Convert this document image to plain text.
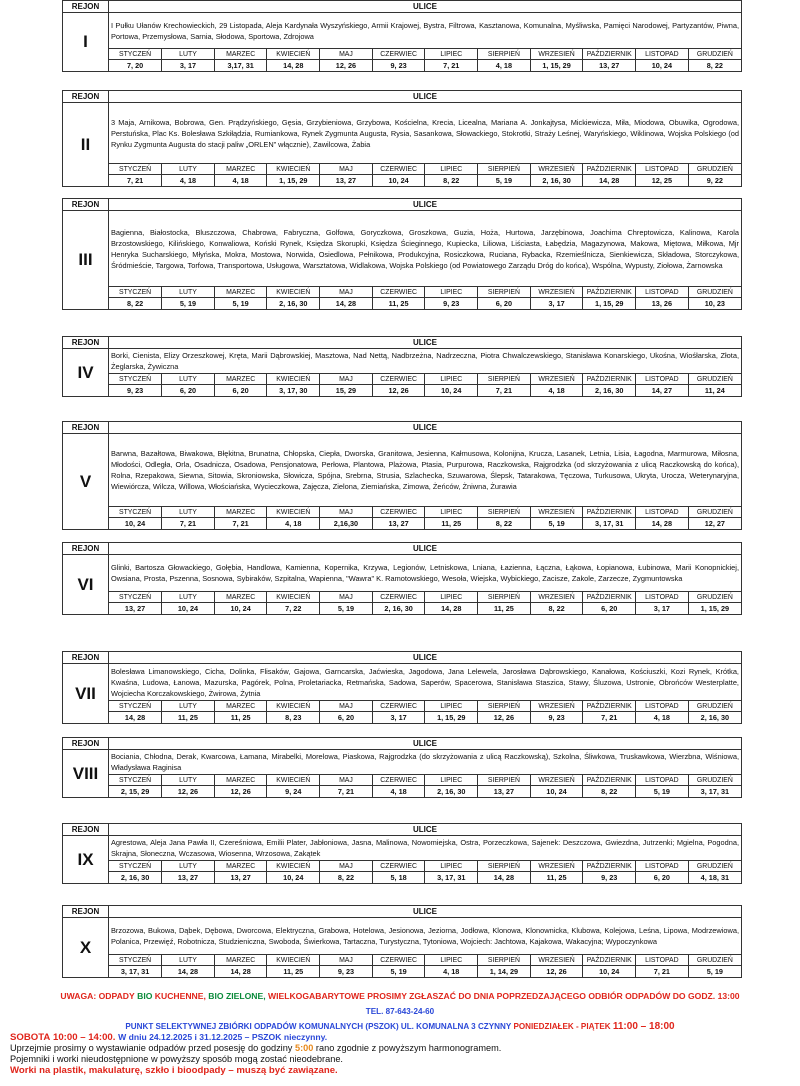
REJON	ULICE
I	I Pułku Ułanów Krechowieckich, 29 Listopada, Aleja Kardynała Wyszyńskiego, Armii Krajowej, Bystra, Filtrowa, Kasztanowa, Komunalna, Myśliwska, Pamięci Narodowej, Partyzantów, Piwna, Portowa, Przemysłowa, Sarnia, Słodowa, Sportowa, Zdrojowa

STYCZEŃ	LUTY	MARZEC	KWIECIEŃ	MAJ	CZERWIEC	LIPIEC	SIERPIEŃ	WRZESIEŃ	PAŹDZIERNIK	LISTOPAD	GRUDZIEŃ
7, 20	3, 17	3,17, 31	14, 28	12, 26	9, 23	7, 21	4, 18	1, 15, 29	13, 27	10, 24	8, 22
REJON	ULICE
II	3 Maja, Arnikowa, Bobrowa, Gen. Prądzyńskiego, Gęsia, Grzybieniowa, Grzybowa, Kościelna, Krecia, Licealna, Mariana A. Jonkajtysa, Mickiewicza, Miła, Miodowa, Obuwika, Ogrodowa, Perstuńska, Plac Ks. Bolesława Szkiłądzia, Rumiankowa, Rynek Zygmunta Augusta, Rysia, Sasankowa, Słowackiego, Stokrotki, Straży Leśnej, Waryńskiego, Wiklinowa, Wojska Polskiego (od Rynku Zygmunta Augusta do stacji paliw „ORLEN” włącznie), Zawilcowa, Żabia

STYCZEŃ	LUTY	MARZEC	KWIECIEŃ	MAJ	CZERWIEC	LIPIEC	SIERPIEŃ	WRZESIEŃ	PAŹDZIERNIK	LISTOPAD	GRUDZIEŃ
7, 21	4, 18	4, 18	1, 15, 29	13, 27	10, 24	8, 22	5, 19	2, 16, 30	14, 28	12, 25	9, 22
REJON	ULICE
III	Bagienna, Białostocka, Bluszczowa, Chabrowa, Fabryczna, Golfowa, Goryczkowa, Groszkowa, Guzia, Hoża, Hurtowa, Jarzębinowa, Joachima Chreptowicza, Kalinowa, Karola Brzostowskiego, Kilińskiego, Konwaliowa, Koński Rynek, Księdza Skorupki, Księdza Ścieginnego, Kupiecka, Liliowa, Liściasta, Łabędzia, Magazynowa, Makowa, Miętowa, Miłkowa, Mjr Henryka Sucharskiego, Młyńska, Mokra, Mostowa, Norwida, Osiedlowa, Pełnikowa, Produkcyjna, Rosiczkowa, Ruciana, Rybacka, Rzemieślnicza, Sienkiewicza, Składowa, Storczykowa, Śródmieście, Targowa, Torfowa, Transportowa, Usługowa, Warsztatowa, Widlakowa, Wojska Polskiego (od Powiatowego Zarządu Dróg do końca), Wspólna, Wypusty, Ziołowa, Żarnowska

STYCZEŃ	LUTY	MARZEC	KWIECIEŃ	MAJ	CZERWIEC	LIPIEC	SIERPIEŃ	WRZESIEŃ	PAŹDZIERNIK	LISTOPAD	GRUDZIEŃ
8, 22	5, 19	5, 19	2, 16, 30	14, 28	11, 25	9, 23	6, 20	3, 17	1, 15, 29	13, 26	10, 23
REJON	ULICE
IV	Borki, Cienista, Elizy Orzeszkowej, Kręta, Marii Dąbrowskiej, Masztowa, Nad Nettą, Nadbrzeżna, Nadrzeczna, Piotra Chwalczewskiego, Stanisława Konarskiego, Ukośna, Wiośłarska, Złota, Żeglarska, Żywiczna

STYCZEŃ	LUTY	MARZEC	KWIECIEŃ	MAJ	CZERWIEC	LIPIEC	SIERPIEŃ	WRZESIEŃ	PAŹDZIERNIK	LISTOPAD	GRUDZIEŃ
9, 23	6, 20	6, 20	3, 17, 30	15, 29	12, 26	10, 24	7, 21	4, 18	2, 16, 30	14, 27	11, 24
REJON	ULICE
V	Barwna, Bazałtowa, Biwakowa, Błękitna, Brunatna, Chłopska, Ciepła, Dworska, Granitowa, Jesienna, Kałmusowa, Kolonijna, Krucza, Lasanek, Letnia, Lisia, Łagodna, Marmurowa, Miłosna, Młodości, Odległa, Orla, Osadnicza, Osadowa, Pensjonatowa, Perłowa, Plantowa, Plażowa, Ptasia, Purpurowa, Raczkowska, Rajgrodzka (od skrzyżowania z ulicą Raczkowską do końca), Rolna, Rzepakowa, Siewna, Sitowia, Skroniowska, Słowicza, Spójna, Srebrna, Strusia, Szlachecka, Szuwarowa, Ślepsk, Tatarakowa, Tęczowa, Turkusowa, Ukryta, Urocza, Weterynaryjna, Wiewiórcza, Wilcza, Willowa, Włościańska, Wycieczkowa, Zajęcza, Zielona, Ziemiańska, Zimowa, Żeńców, Żniwna, Żurawia

STYCZEŃ	LUTY	MARZEC	KWIECIEŃ	MAJ	CZERWIEC	LIPIEC	SIERPIEŃ	WRZESIEŃ	PAŹDZIERNIK	LISTOPAD	GRUDZIEŃ
10, 24	7, 21	7, 21	4, 18	2,16,30	13, 27	11, 25	8, 22	5, 19	3, 17, 31	14, 28	12, 27
REJON	ULICE
VI	Glinki, Bartosza Głowackiego, Gołębia, Handlowa, Kamienna, Kopernika, Krzywa, Legionów, Letniskowa, Lniana, Łazienna, Łączna, Łąkowa, Łopianowa, Łubinowa, Marii Konopnickiej, Owsiana, Prosta, Pszenna, Sosnowa, Sybiraków, Szpitalna, Wapienna, "Wawra" K. Ramotowskiego, Wesoła, Wiejska, Wybickiego, Zacisze, Zakole, Zarzecze, Zygmuntowska

STYCZEŃ	LUTY	MARZEC	KWIECIEŃ	MAJ	CZERWIEC	LIPIEC	SIERPIEŃ	WRZESIEŃ	PAŹDZIERNIK	LISTOPAD	GRUDZIEŃ
13, 27	10, 24	10, 24	7, 22	5, 19	2, 16, 30	14, 28	11, 25	8, 22	6, 20	3, 17	1, 15, 29
REJON	ULICE
VII	Bolesława Limanowskiego, Cicha, Dolinka, Flisaków, Gajowa, Garncarska, Jaćwieska, Jagodowa, Jana Lelewela, Jarosława Dąbrowskiego, Kanałowa, Kościuszki, Kozi Rynek, Krótka, Kwaśna, Ludowa, Łanowa, Mazurska, Pagórek, Polna, Proletariacka, Retmańska, Sadowa, Saperów, Spacerowa, Stanisława Staszica, Stawy, Śluzowa, Ustronie, Obrońców Westerplatte, Wojciecha Korczakowskiego, Żwirowa, Żytnia

STYCZEŃ	LUTY	MARZEC	KWIECIEŃ	MAJ	CZERWIEC	LIPIEC	SIERPIEŃ	WRZESIEŃ	PAŹDZIERNIK	LISTOPAD	GRUDZIEŃ
14, 28	11, 25	11, 25	8, 23	6, 20	3, 17	1, 15, 29	12, 26	9, 23	7, 21	4, 18	2, 16, 30
REJON	ULICE
VIII	Bociania, Chłodna, Derak, Kwarcowa, Łamana, Mirabelki, Morelowa, Piaskowa, Rajgrodzka (do skrzyżowania z ulicą Raczkowską), Szkolna, Śliwkowa, Truskawkowa, Wierzbna, Wiśniowa, Władysława Raginisa

STYCZEŃ	LUTY	MARZEC	KWIECIEŃ	MAJ	CZERWIEC	LIPIEC	SIERPIEŃ	WRZESIEŃ	PAŹDZIERNIK	LISTOPAD	GRUDZIEŃ
2, 15, 29	12, 26	12, 26	9, 24	7, 21	4, 18	2, 16, 30	13, 27	10, 24	8, 22	5, 19	3, 17, 31
REJON	ULICE
IX	Agrestowa, Aleja Jana Pawła II, Czereśniowa, Emilii Plater, Jabłoniowa, Jasna, Malinowa, Nowomiejska, Ostra, Porzeczkowa, Sajenek: Deszczowa, Gwiezdna, Jutrzenki; Mgielna, Pogodna, Skrajna, Słoneczna, Wczasowa, Wiosenna, Wrzosowa, Zakątek

STYCZEŃ	LUTY	MARZEC	KWIECIEŃ	MAJ	CZERWIEC	LIPIEC	SIERPIEŃ	WRZESIEŃ	PAŹDZIERNIK	LISTOPAD	GRUDZIEŃ
2, 16, 30	13, 27	13, 27	10, 24	8, 22	5, 18	3, 17, 31	14, 28	11, 25	9, 23	6, 20	4, 18, 31
REJON	ULICE
X	Brzozowa, Bukowa, Dąbek, Dębowa, Dworcowa, Elektryczna, Grabowa, Hotelowa, Jesionowa, Jeziorna, Jodłowa, Klonowa, Klonownicka, Klubowa, Kolejowa, Leśna, Lipowa, Modrzewiowa, Polanica, Przewięź, Robotnicza, Studzieniczna, Swoboda, Świerkowa, Tartaczna, Turystyczna, Tytoniowa, Wojciech: Jachtowa, Kajakowa, Wakacyjna; Wypoczynkowa

STYCZEŃ	LUTY	MARZEC	KWIECIEŃ	MAJ	CZERWIEC	LIPIEC	SIERPIEŃ	WRZESIEŃ	PAŹDZIERNIK	LISTOPAD	GRUDZIEŃ
3, 17, 31	14, 28	14, 28	11, 25	9, 23	5, 19	4, 18	1, 14, 29	12, 26	10, 24	7, 21	5, 19
UWAGA: ODPADY BIO KUCHENNE, BIO ZIELONE, WIELKOGABARYTOWE PROSIMY ZGŁASZAĆ DO DNIA POPRZEDZAJĄCEGO ODBIÓR ODPADÓW DO GODZ. 13:00
TEL. 87-643-24-60
PUNKT SELEKTYWNEJ ZBIÓRKI ODPADÓW KOMUNALNYCH (PSZOK) UL. KOMUNALNA 3 CZYNNY PONIEDZIAŁEK - PIĄTEK 11:00 – 18:00
SOBOTA 10:00 – 14:00. W dniu 24.12.2025 i 31.12.2025 – PSZOK nieczynny.
Uprzejmie prosimy o wystawianie odpadów przed posesję do godziny 5:00 rano zgodnie z powyższym harmonogramem.
Pojemniki i worki nieudostępnione w powyższy sposób mogą zostać nieodebrane.
Worki na plastik, makulaturę, szkło i bioodpady – muszą być zawiązane.
